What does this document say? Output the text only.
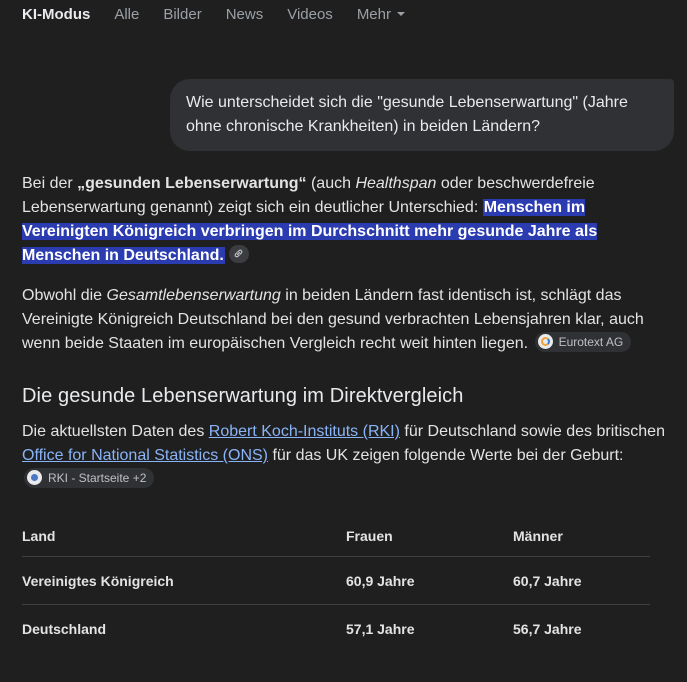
KI-Modus Alle Bilder News Videos Mehr
Wie unterscheidet sich die "gesunde Lebenserwartung" (Jahre ohne chronische Krankheiten) in beiden Ländern?
Bei der „gesunden Lebenserwartung“ (auch Healthspan oder beschwerdefreie Lebenserwartung genannt) zeigt sich ein deutlicher Unterschied: Menschen im Vereinigten Königreich verbringen im Durchschnitt mehr gesunde Jahre als Menschen in Deutschland.
Obwohl die Gesamtlebenserwartung in beiden Ländern fast identisch ist, schlägt das Vereinigte Königreich Deutschland bei den gesund verbrachten Lebensjahren klar, auch wenn beide Staaten im europäischen Vergleich recht weit hinten liegen.	Eurotext AG
Die gesunde Lebenserwartung im Direktvergleich
Die aktuellsten Daten des Robert Koch-Instituts (RKI) für Deutschland sowie des britischen Office for National Statistics (ONS) für das UK zeigen folgende Werte bei der Geburt:
RKI - Startseite +2
Land	Frauen	Männer
Vereinigtes Königreich	60,9 Jahre	60,7 Jahre
Deutschland	57,1 Jahre	56,7 Jahre
